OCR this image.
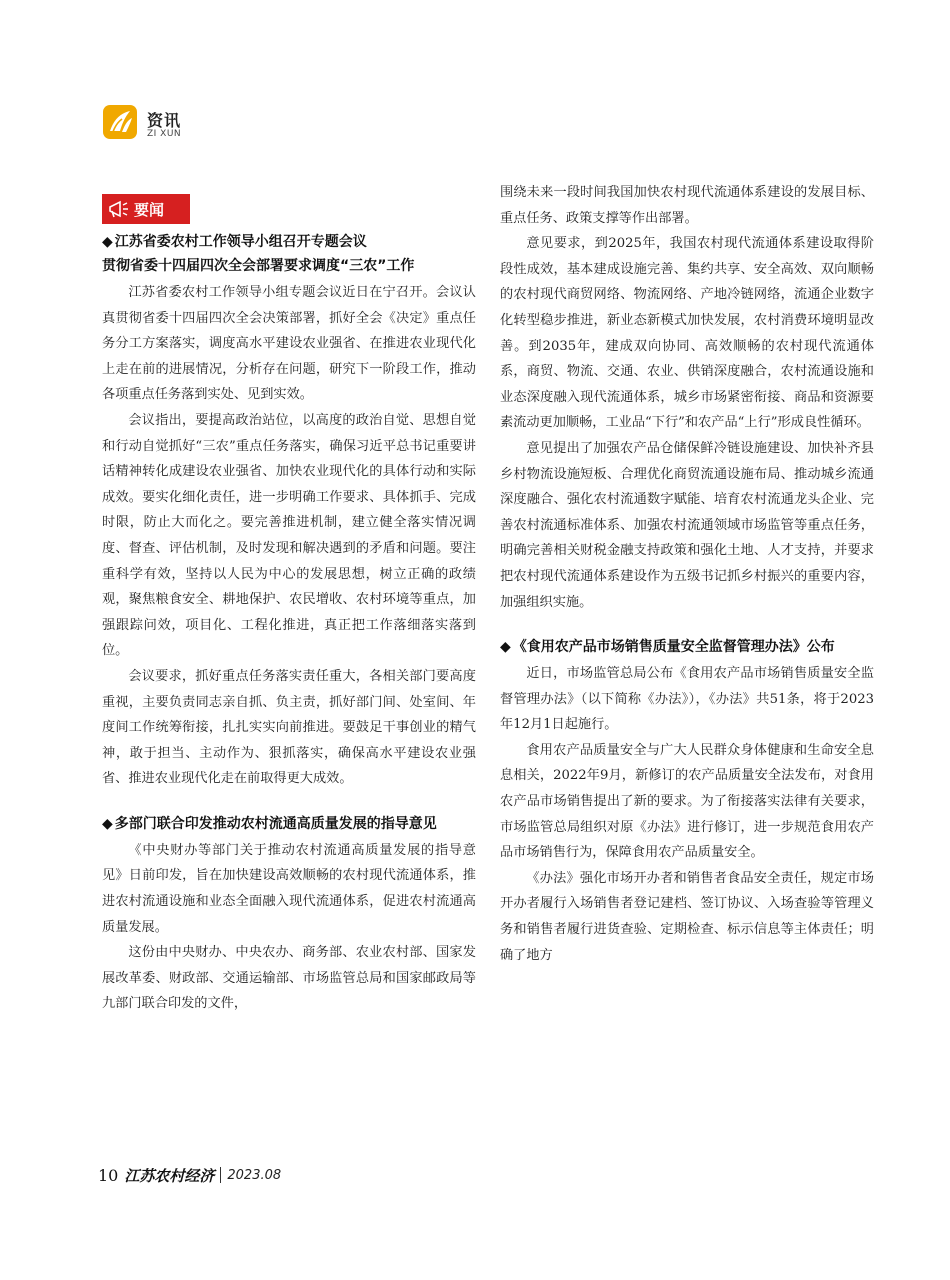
资讯
ZI XUN
要闻
◆ 江苏省委农村工作领导小组召开专题会议
贯彻省委十四届四次全会部署要求调度“三农”工作

江苏省委农村工作领导小组专题会议近日在宁召开。会议认真贯彻省委十四届四次全会决策部署，抓好全会《决定》重点任务分工方案落实，调度高水平建设农业强省、在推进农业现代化上走在前的进展情况，分析存在问题，研究下一阶段工作，推动各项重点任务落到实处、见到实效。

会议指出，要提高政治站位，以高度的政治自觉、思想自觉和行动自觉抓好“三农”重点任务落实，确保习近平总书记重要讲话精神转化成建设农业强省、加快农业现代化的具体行动和实际成效。要实化细化责任，进一步明确工作要求、具体抓手、完成时限，防止大而化之。要完善推进机制，建立健全落实情况调度、督查、评估机制，及时发现和解决遇到的矛盾和问题。要注重科学有效，坚持以人民为中心的发展思想，树立正确的政绩观，聚焦粮食安全、耕地保护、农民增收、农村环境等重点，加强跟踪问效，项目化、工程化推进，真正把工作落细落实落到位。

会议要求，抓好重点任务落实责任重大，各相关部门要高度重视，主要负责同志亲自抓、负主责，抓好部门间、处室间、年度间工作统筹衔接，扎扎实实向前推进。要鼓足干事创业的精气神，敢于担当、主动作为、狠抓落实，确保高水平建设农业强省、推进农业现代化走在前取得更大成效。

◆ 多部门联合印发推动农村流通高质量发展的指导意见

《中央财办等部门关于推动农村流通高质量发展的指导意见》日前印发，旨在加快建设高效顺畅的农村现代流通体系，推进农村流通设施和业态全面融入现代流通体系，促进农村流通高质量发展。

这份由中央财办、中央农办、商务部、农业农村部、国家发展改革委、财政部、交通运输部、市场监管总局和国家邮政局等九部门联合印发的文件，

围绕未来一段时间我国加快农村现代流通体系建设的发展目标、重点任务、政策支撑等作出部署。

意见要求，到2025年，我国农村现代流通体系建设取得阶段性成效，基本建成设施完善、集约共享、安全高效、双向顺畅的农村现代商贸网络、物流网络、产地冷链网络，流通企业数字化转型稳步推进，新业态新模式加快发展，农村消费环境明显改善。到2035年，建成双向协同、高效顺畅的农村现代流通体系，商贸、物流、交通、农业、供销深度融合，农村流通设施和业态深度融入现代流通体系，城乡市场紧密衔接、商品和资源要素流动更加顺畅，工业品“下行”和农产品“上行”形成良性循环。

意见提出了加强农产品仓储保鲜冷链设施建设、加快补齐县乡村物流设施短板、合理优化商贸流通设施布局、推动城乡流通深度融合、强化农村流通数字赋能、培育农村流通龙头企业、完善农村流通标准体系、加强农村流通领域市场监管等重点任务，明确完善相关财税金融支持政策和强化土地、人才支持，并要求把农村现代流通体系建设作为五级书记抓乡村振兴的重要内容，加强组织实施。

◆ 《食用农产品市场销售质量安全监督管理办法》公布

近日，市场监管总局公布《食用农产品市场销售质量安全监督管理办法》（以下简称《办法》），《办法》共51条，将于2023年12月1日起施行。

食用农产品质量安全与广大人民群众身体健康和生命安全息息相关，2022年9月，新修订的农产品质量安全法发布，对食用农产品市场销售提出了新的要求。为了衔接落实法律有关要求，市场监管总局组织对原《办法》进行修订，进一步规范食用农产品市场销售行为，保障食用农产品质量安全。

《办法》强化市场开办者和销售者食品安全责任，规定市场开办者履行入场销售者登记建档、签订协议、入场查验等管理义务和销售者履行进货查验、定期检查、标示信息等主体责任；明确了地方

10 江苏农村经济 2023.08
